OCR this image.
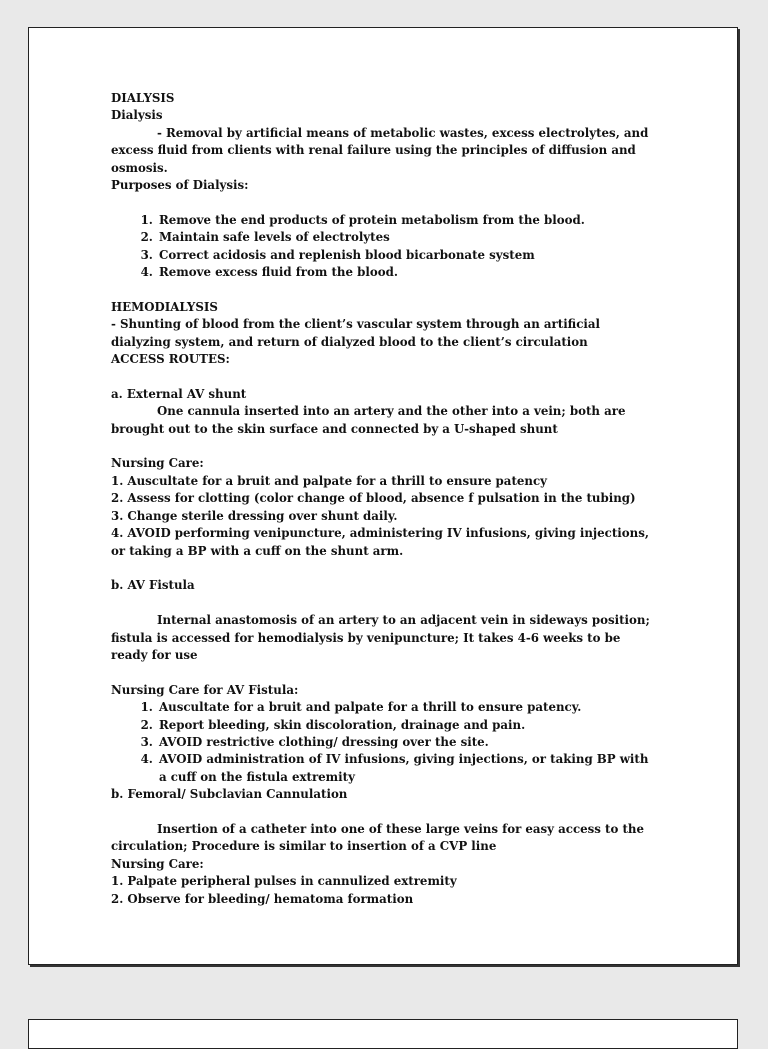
DIALYSIS

Dialysis

- Removal by artificial means of metabolic wastes, excess electrolytes, and excess fluid from clients with renal failure using the principles of diffusion and osmosis.

Purposes of Dialysis:

1. Remove the end products of protein metabolism from the blood.
2. Maintain safe levels of electrolytes
3. Correct acidosis and replenish blood bicarbonate system
4. Remove excess fluid from the blood.

HEMODIALYSIS

- Shunting of blood from the client’s vascular system through an artificial dialyzing system, and return of dialyzed blood to the client’s circulation

ACCESS ROUTES:

a. External AV shunt

One cannula inserted into an artery and the other into a vein; both are brought out to the skin surface and connected by a U-shaped shunt

Nursing Care:

1. Auscultate for a bruit and palpate for a thrill to ensure patency

2. Assess for clotting (color change of blood, absence f pulsation in the tubing)

3. Change sterile dressing over shunt daily.

4. AVOID performing venipuncture, administering IV infusions, giving injections, or taking a BP with a cuff on the shunt arm.

b. AV Fistula

Internal anastomosis of an artery to an adjacent vein in sideways position; fistula is accessed for hemodialysis by venipuncture; It takes 4-6 weeks to be ready for use

Nursing Care for AV Fistula:

1. Auscultate for a bruit and palpate for a thrill to ensure patency.
2. Report bleeding, skin discoloration, drainage and pain.
3. AVOID restrictive clothing/ dressing over the site.
4. AVOID administration of IV infusions, giving injections, or taking BP with a cuff on the fistula extremity

b. Femoral/ Subclavian Cannulation

Insertion of a catheter into one of these large veins for easy access to the circulation; Procedure is similar to insertion of a CVP line

Nursing Care:

1. Palpate peripheral pulses in cannulized extremity

2. Observe for bleeding/ hematoma formation
